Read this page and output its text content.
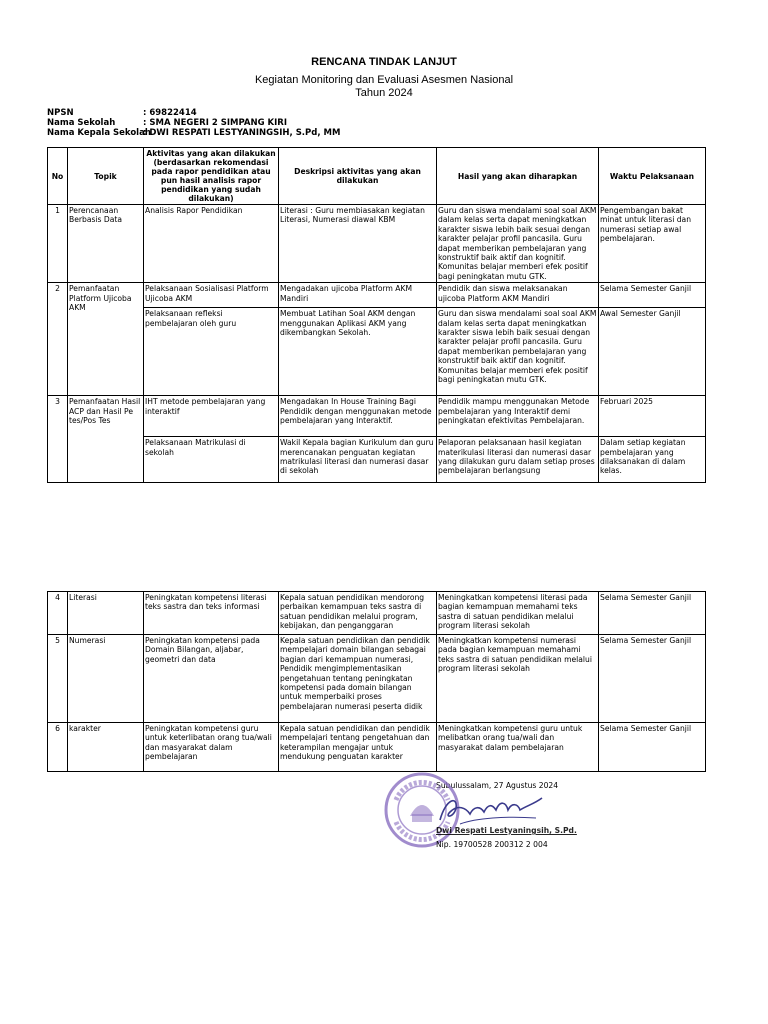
RENCANA TINDAK LANJUT
Kegiatan Monitoring dan Evaluasi Asesmen Nasional
Tahun 2024
NPSN	: 69822414
Nama Sekolah	: SMA NEGERI 2 SIMPANG KIRI
Nama Kepala Sekolah: DWI RESPATI LESTYANINGSIH, S.Pd, MM
No	Topik	Aktivitas yang akan dilakukan (berdasarkan rekomendasi pada rapor pendidikan atau pun hasil analisis rapor pendidikan yang sudah dilakukan)	Deskripsi aktivitas yang akan dilakukan	Hasil yang akan diharapkan	Waktu Pelaksanaan
1	Perencanaan Berbasis Data	Analisis Rapor Pendidikan	Literasi : Guru membiasakan kegiatan Literasi, Numerasi diawal KBM	Guru dan siswa mendalami soal soal AKM dalam kelas serta dapat meningkatkan karakter siswa lebih baik sesuai dengan karakter pelajar profil pancasila. Guru dapat memberikan pembelajaran yang konstruktif baik aktif dan kognitif. Komunitas belajar memberi efek positif bagi peningkatan mutu GTK.	Pengembangan bakat minat untuk literasi dan numerasi setiap awal pembelajaran.
2	Pemanfaatan Platform Ujicoba AKM	Pelaksanaan Sosialisasi Platform Ujicoba AKM	Mengadakan ujicoba Platform AKM Mandiri	Pendidik dan siswa melaksanakan ujicoba Platform AKM Mandiri	Selama Semester Ganjil
		Pelaksanaan refleksi pembelajaran oleh guru	Membuat Latihan Soal AKM dengan menggunakan Aplikasi AKM yang dikembangkan Sekolah.	Guru dan siswa mendalami soal soal AKM dalam kelas serta dapat meningkatkan karakter siswa lebih baik sesuai dengan karakter pelajar profil pancasila. Guru dapat memberikan pembelajaran yang konstruktif baik aktif dan kognitif. Komunitas belajar memberi efek positif bagi peningkatan mutu GTK.	Awal Semester Ganjil
3	Pemanfaatan Hasil ACP dan Hasil Pe tes/Pos Tes	IHT metode pembelajaran yang interaktif	Mengadakan In House Training Bagi Pendidik dengan menggunakan metode pembelajaran yang Interaktif.	Pendidik mampu menggunakan Metode pembelajaran yang Interaktif demi peningkatan efektivitas Pembelajaran.	Februari 2025
		Pelaksanaan Matrikulasi di sekolah	Wakil Kepala bagian Kurikulum dan guru merencanakan penguatan kegiatan matrikulasi literasi dan numerasi dasar di sekolah	Pelaporan pelaksanaan hasil kegiatan materikulasi literasi dan numerasi dasar yang dilakukan guru dalam setiap proses pembelajaran berlangsung	Dalam setiap kegiatan pembelajaran yang dilaksanakan di dalam kelas.
4	Literasi	Peningkatan kompetensi literasi teks sastra dan teks informasi	Kepala satuan pendidikan mendorong perbaikan kemampuan teks sastra di satuan pendidikan melalui program, kebijakan, dan penganggaran	Meningkatkan kompetensi literasi pada bagian kemampuan memahami teks sastra di satuan pendidikan melalui program literasi sekolah	Selama Semester Ganjil
5	Numerasi	Peningkatan kompetensi pada Domain Bilangan, aljabar, geometri dan data	Kepala satuan pendidikan dan pendidik mempelajari domain bilangan sebagai bagian dari kemampuan numerasi, Pendidik mengimplementasikan pengetahuan tentang peningkatan kompetensi pada domain bilangan untuk memperbaiki proses pembelajaran numerasi peserta didik	Meningkatkan kompetensi numerasi pada bagian kemampuan memahami teks sastra di satuan pendidikan melalui program literasi sekolah	Selama Semester Ganjil
6	karakter	Peningkatan kompetensi guru untuk keterlibatan orang tua/wali dan masyarakat dalam pembelajaran	Kepala satuan pendidikan dan pendidik mempelajari tentang pengetahuan dan keterampilan mengajar untuk mendukung penguatan karakter	Meningkatkan kompetensi guru untuk melibatkan orang tua/wali dan masyarakat dalam pembelajaran	Selama Semester Ganjil
Subulussalam, 27 Agustus 2024
Dwi Respati Lestyaningsih, S.Pd.
Nip. 19700528 200312 2 004
